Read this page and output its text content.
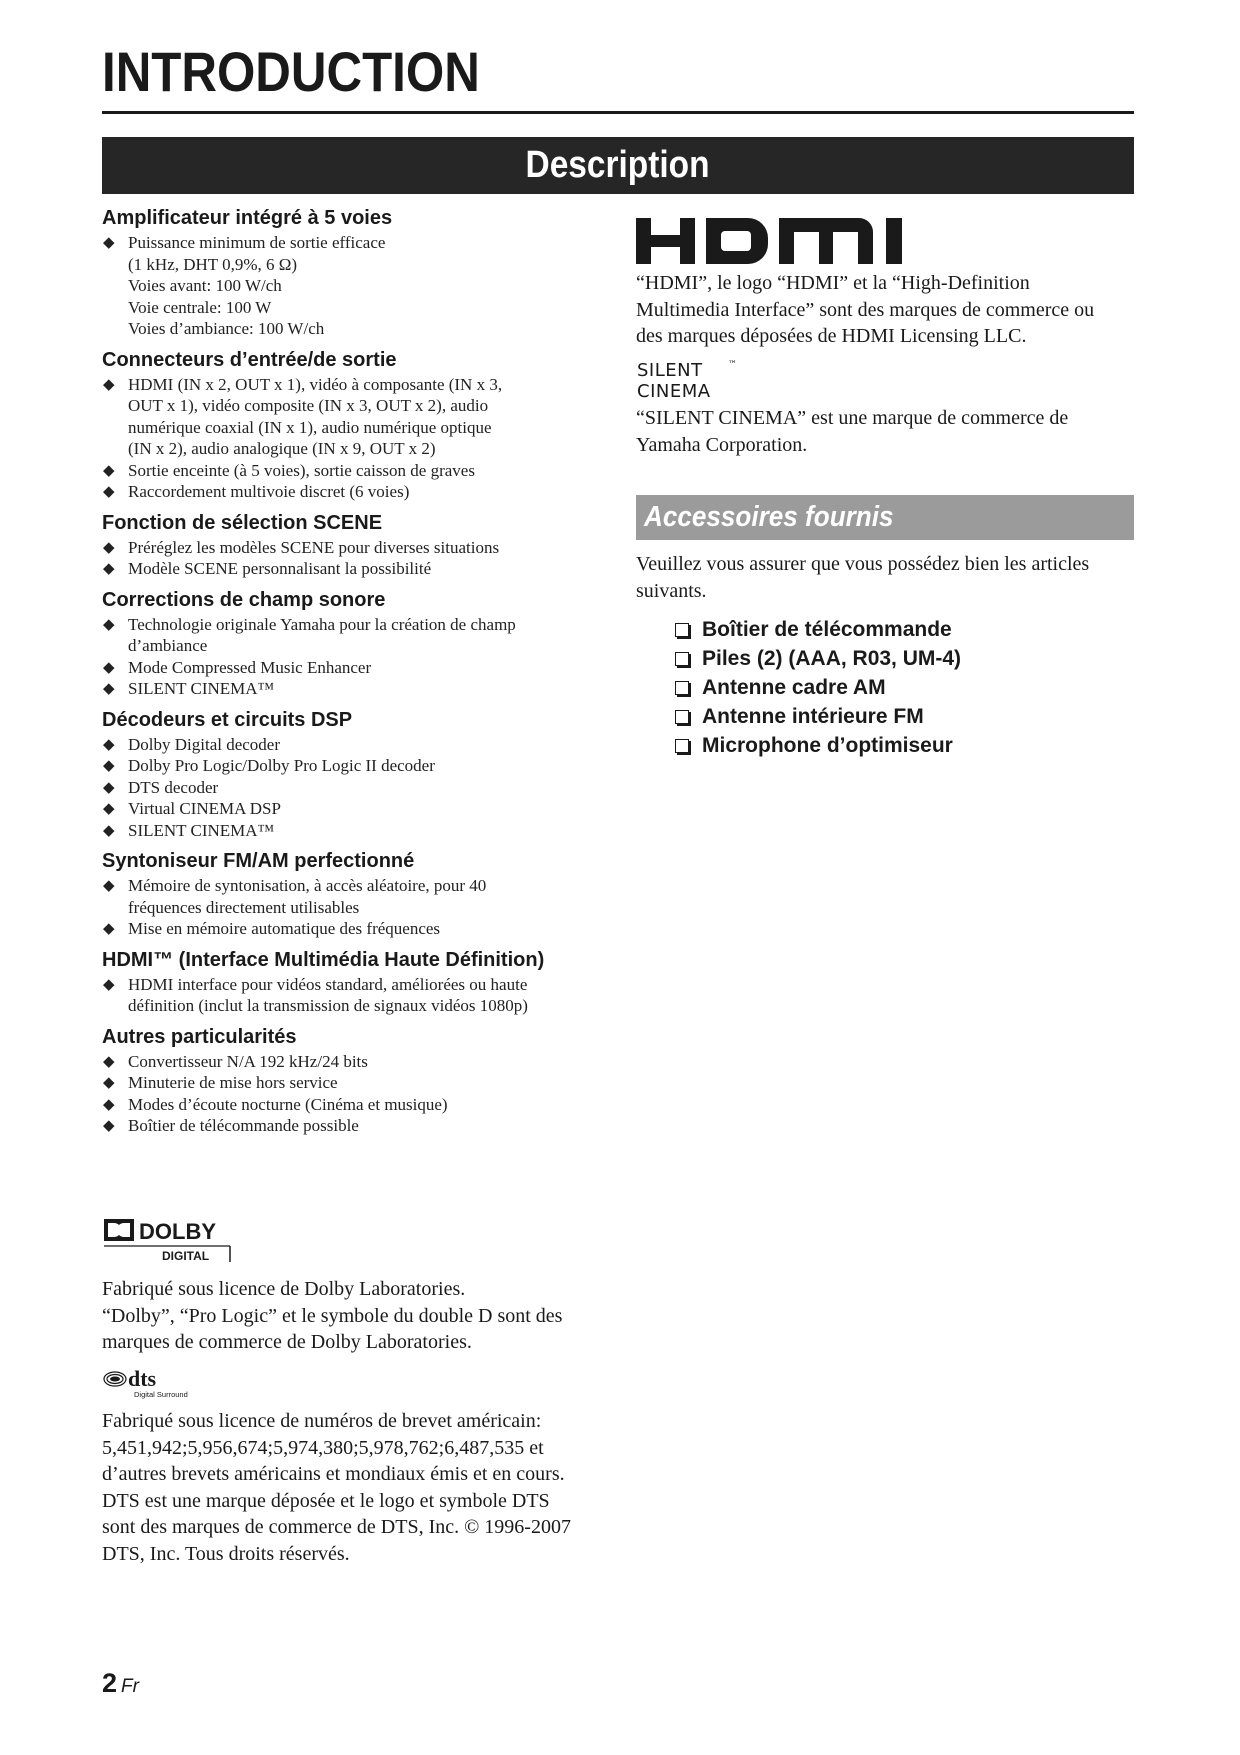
INTRODUCTION
Description
Amplificateur intégré à 5 voies
◆ Puissance minimum de sortie efficace
(1 kHz, DHT 0,9%, 6 Ω)
Voies avant: 100 W/ch
Voie centrale: 100 W
Voies d’ambiance: 100 W/ch
Connecteurs d’entrée/de sortie
◆ HDMI (IN x 2, OUT x 1), vidéo à composante (IN x 3,
OUT x 1), vidéo composite (IN x 3, OUT x 2), audio
numérique coaxial (IN x 1), audio numérique optique
(IN x 2), audio analogique (IN x 9, OUT x 2)
◆ Sortie enceinte (à 5 voies), sortie caisson de graves
◆ Raccordement multivoie discret (6 voies)
Fonction de sélection SCENE
◆ Préréglez les modèles SCENE pour diverses situations
◆ Modèle SCENE personnalisant la possibilité
Corrections de champ sonore
◆ Technologie originale Yamaha pour la création de champ
d’ambiance
◆ Mode Compressed Music Enhancer
◆ SILENT CINEMA™
Décodeurs et circuits DSP
◆ Dolby Digital decoder
◆ Dolby Pro Logic/Dolby Pro Logic II decoder
◆ DTS decoder
◆ Virtual CINEMA DSP
◆ SILENT CINEMA™
Syntoniseur FM/AM perfectionné
◆ Mémoire de syntonisation, à accès aléatoire, pour 40
fréquences directement utilisables
◆ Mise en mémoire automatique des fréquences
HDMI™ (Interface Multimédia Haute Définition)
◆ HDMI interface pour vidéos standard, améliorées ou haute
définition (inclut la transmission de signaux vidéos 1080p)
Autres particularités
◆ Convertisseur N/A 192 kHz/24 bits
◆ Minuterie de mise hors service
◆ Modes d’écoute nocturne (Cinéma et musique)
◆ Boîtier de télécommande possible
DOLBY
DIGITAL
Fabriqué sous licence de Dolby Laboratories.
“Dolby”, “Pro Logic” et le symbole du double D sont des
marques de commerce de Dolby Laboratories.
dts
Digital Surround
Fabriqué sous licence de numéros de brevet américain:
5,451,942;5,956,674;5,974,380;5,978,762;6,487,535 et
d’autres brevets américains et mondiaux émis et en cours.
DTS est une marque déposée et le logo et symbole DTS
sont des marques de commerce de DTS, Inc. © 1996-2007
DTS, Inc. Tous droits réservés.
“HDMI”, le logo “HDMI” et la “High-Definition
Multimedia Interface” sont des marques de commerce ou
des marques déposées de HDMI Licensing LLC.
SILENT	™
CINEMA
“SILENT CINEMA” est une marque de commerce de
Yamaha Corporation.
Accessoires fournis
Veuillez vous assurer que vous possédez bien les articles
suivants.
Boîtier de télécommande
Piles (2) (AAA, R03, UM-4)
Antenne cadre AM
Antenne intérieure FM
Microphone d’optimiseur
2 Fr
